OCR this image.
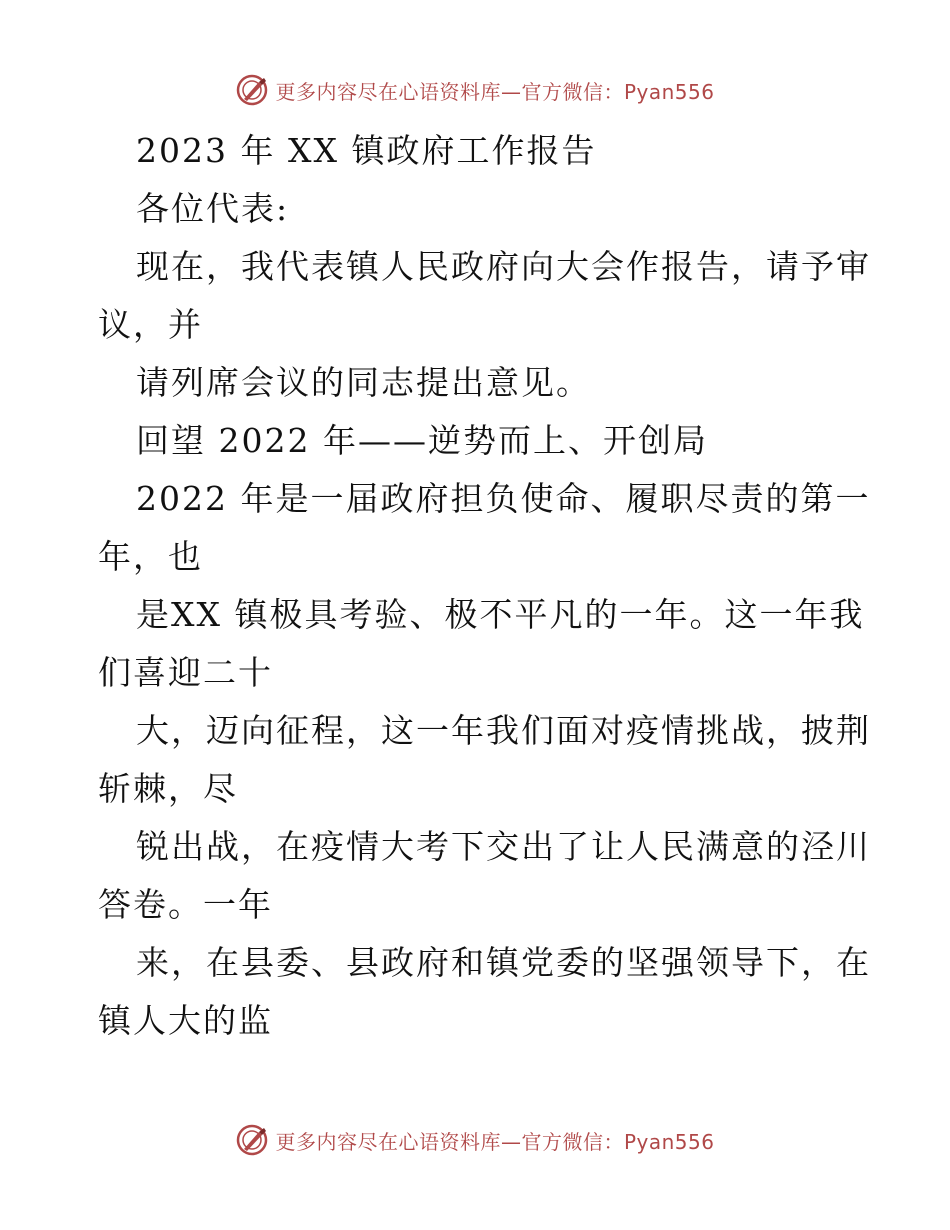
更多内容尽在心语资料库—官方微信：Pyan556
2023 年 XX 镇政府工作报告
各位代表:
现在，我代表镇人民政府向大会作报告，请予审
议，并
请列席会议的同志提出意见。
回望 2022 年——逆势而上、开创局
2022 年是一届政府担负使命、履职尽责的第一
年，也
是XX 镇极具考验、极不平凡的一年。这一年我
们喜迎二十
大，迈向征程，这一年我们面对疫情挑战，披荆
斩棘，尽
锐出战，在疫情大考下交出了让人民满意的泾川
答卷。一年
来，在县委、县政府和镇党委的坚强领导下，在
镇人大的监
更多内容尽在心语资料库—官方微信：Pyan556
